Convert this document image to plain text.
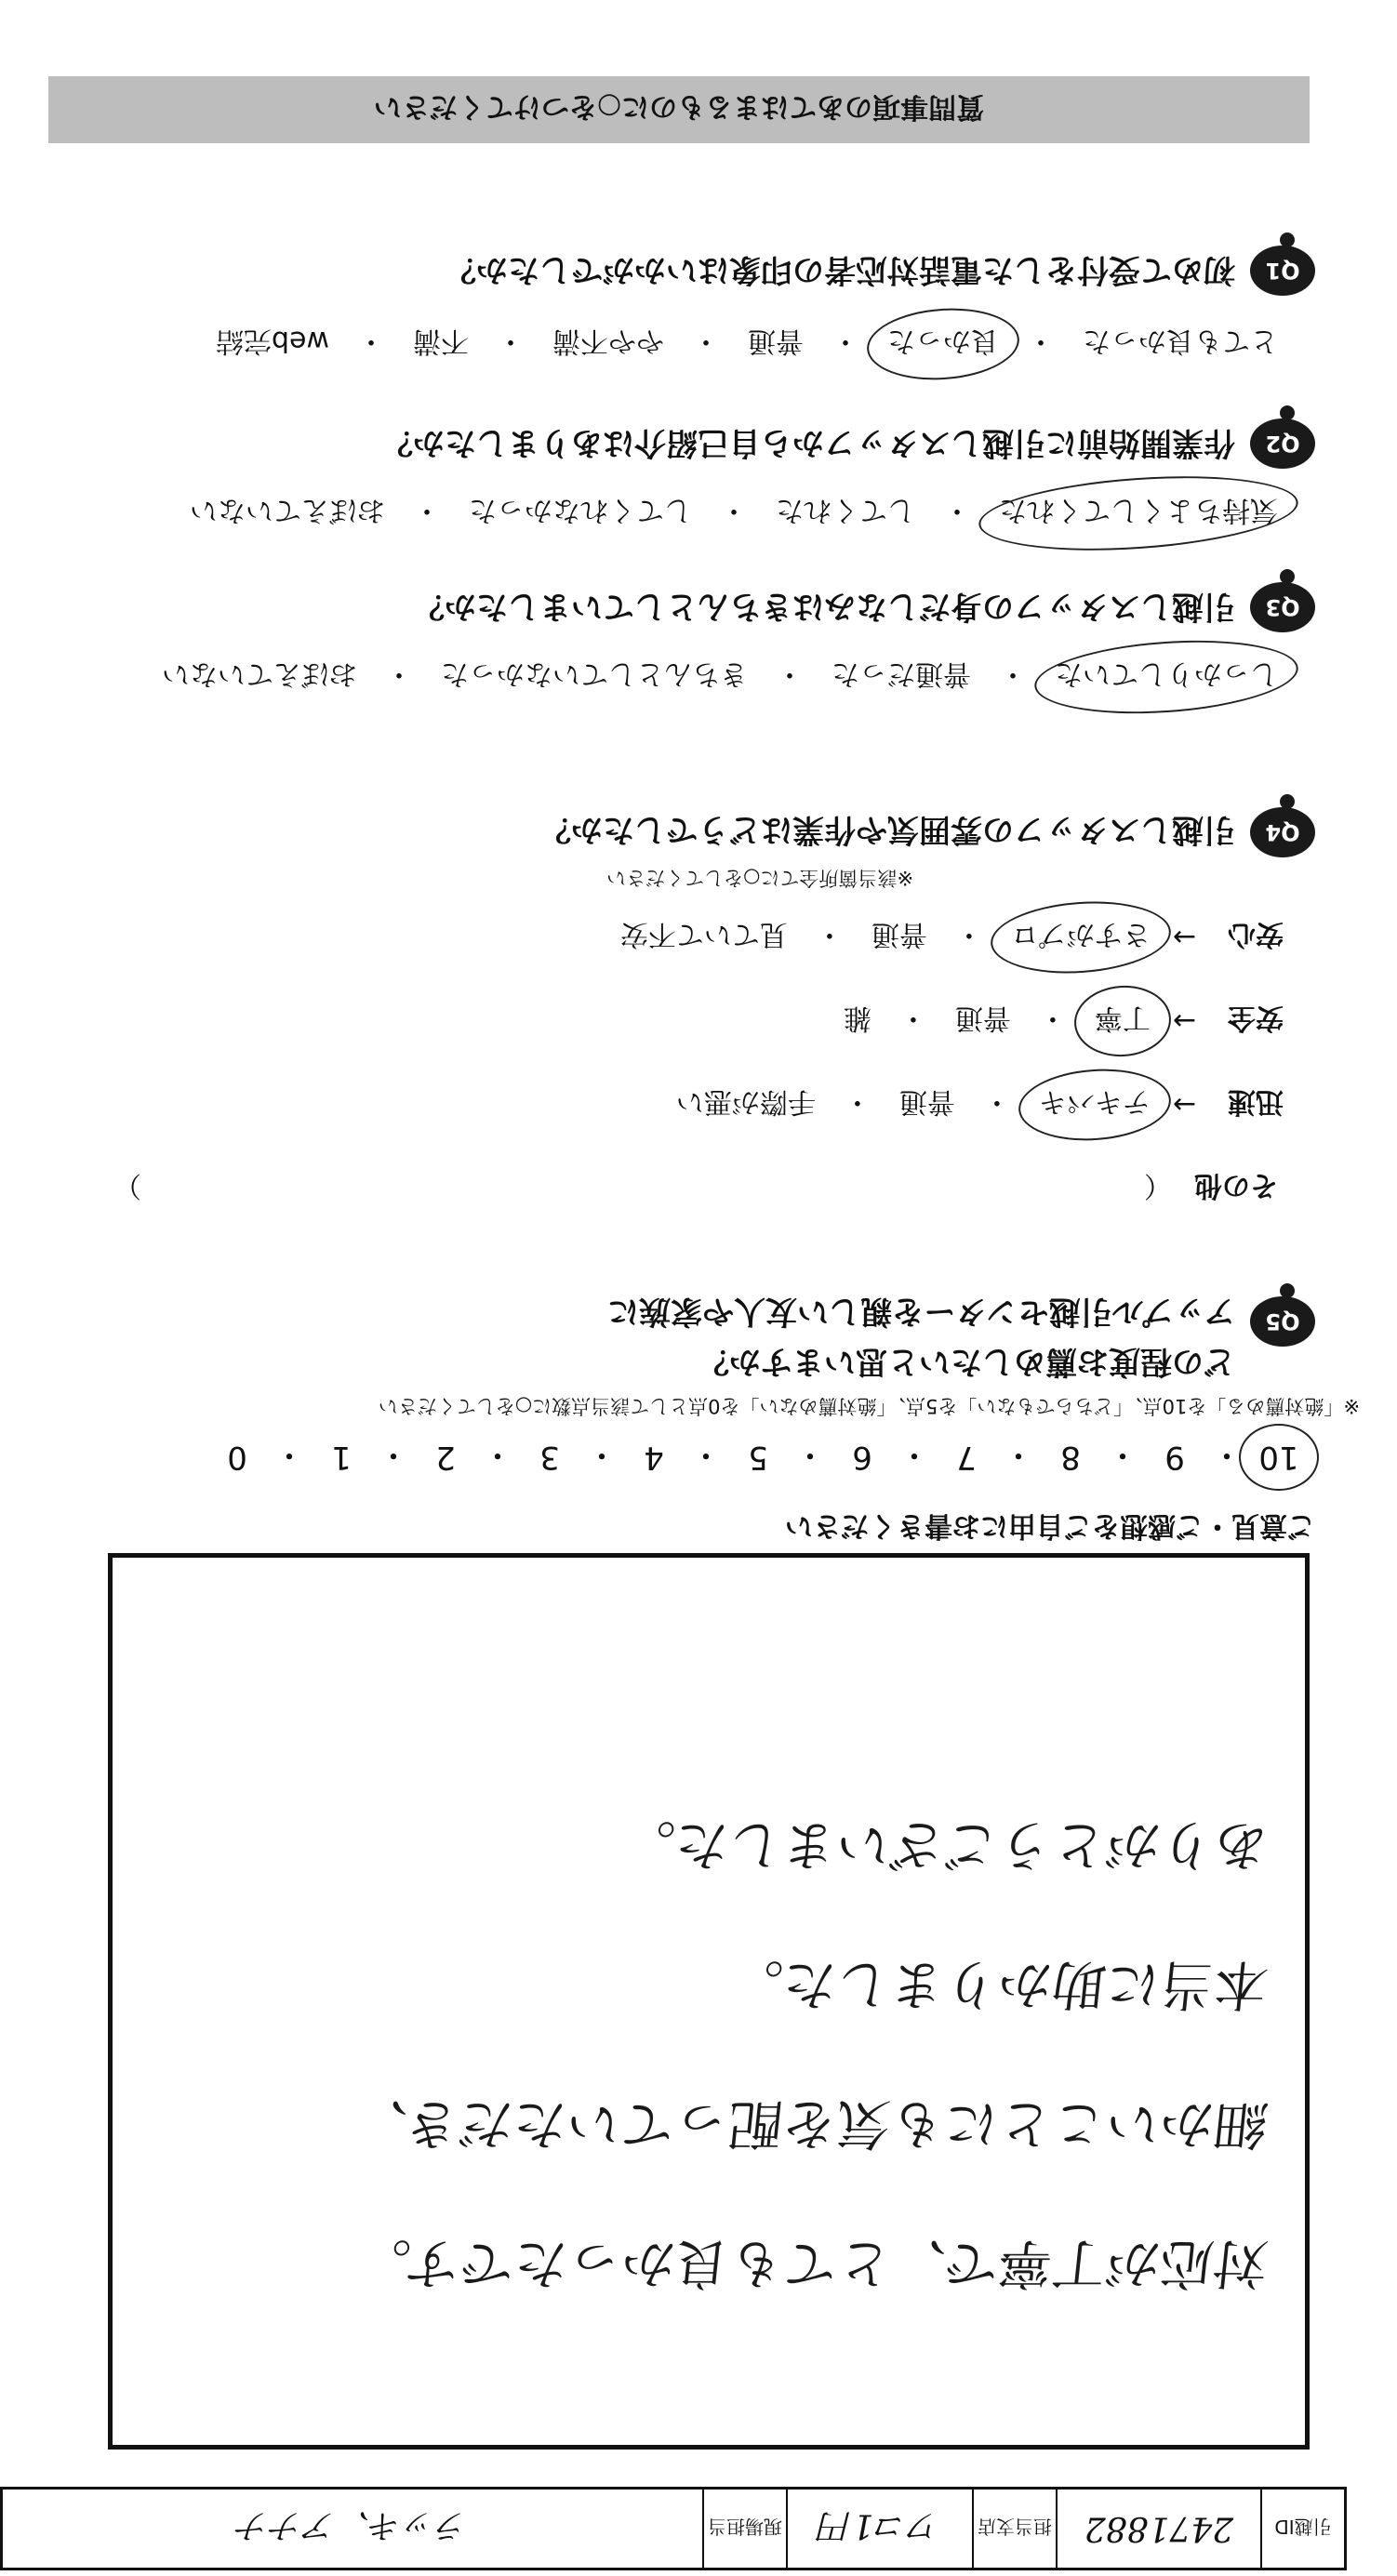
引越ID
2471882
担当支店
ワコ1円
現場担当
ラッキ、アナナ
対応が丁寧で、とても良かったです。
細かいことにも気を配っていただき、
本当に助かりました。
ありがとうございました。
ご意見・ご感想をご自由にお書きください
10
・
9
・
8
・
7
・
6
・
5
・
4
・
3
・
2
・
1
・
0
※「絶対薦める」を10点、「どちらでもない」を5点、「絶対薦めない」を0点として該当点数に○をしてください
Q5
どの程度お薦めしたいと思いますか？
アップル引越センターを親しい友人や家族に
）	その他
（
迅速
→
テキパキ
・
普通
・
手際が悪い
安全
→
丁寧
・
普通
・
雑
安心
→
さすがプロ
・
普通
・
見ていて不安
※該当箇所全てに○をしてください
Q4
引越しスタッフの雰囲気や作業はどうでしたか？
しっかりしていた
・
普通だった
・
きちんとしていなかった
・
おぼえていない
Q3
引越しスタッフの身だしなみはきちんとしていましたか？
気持ちよくしてくれた
・
してくれた
・
してくれなかった
・
おぼえていない
Q2
作業開始前に引越しスタッフから自己紹介はありましたか？
とても良かった
・
良かった
・
普通
・
やや不満
・
不満
・
web完結
Q1
初めて受付をした電話対応者の印象はいかがでしたか？
質問事項のあてはまるものに○をつけてください
